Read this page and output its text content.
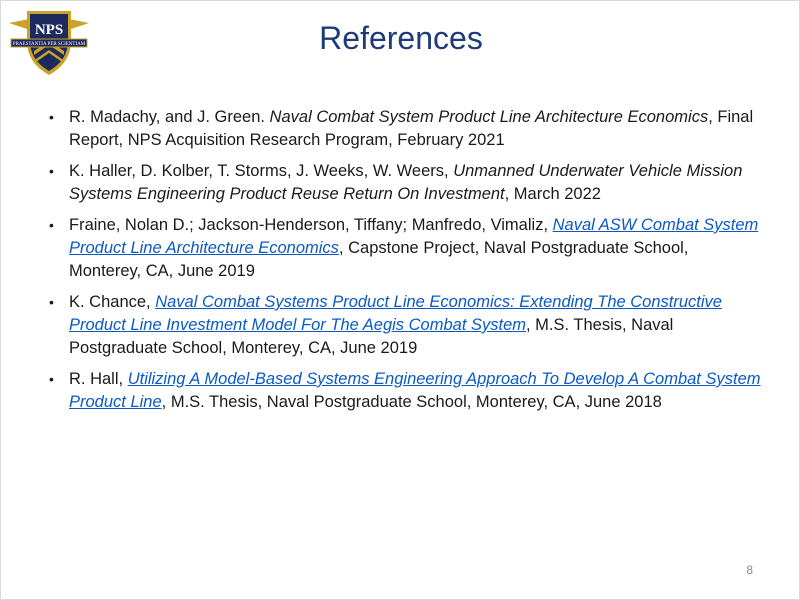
PRAESTANTIA PER SCIENTIAM
NPS	References
• R. Madachy, and J. Green. Naval Combat System Product Line Architecture Economics, Final Report, NPS Acquisition Research Program, February 2021
• K. Haller, D. Kolber, T. Storms, J. Weeks, W. Weers, Unmanned Underwater Vehicle Mission Systems Engineering Product Reuse Return On Investment, March 2022
• Fraine, Nolan D.; Jackson-Henderson, Tiffany; Manfredo, Vimaliz, Naval ASW Combat System Product Line Architecture Economics, Capstone Project, Naval Postgraduate School, Monterey, CA, June 2019
• K. Chance, Naval Combat Systems Product Line Economics: Extending The Constructive Product Line Investment Model For The Aegis Combat System, M.S. Thesis, Naval Postgraduate School, Monterey, CA, June 2019
• R. Hall, Utilizing A Model-Based Systems Engineering Approach To Develop A Combat System Product Line, M.S. Thesis, Naval Postgraduate School, Monterey, CA, June 2018
8
